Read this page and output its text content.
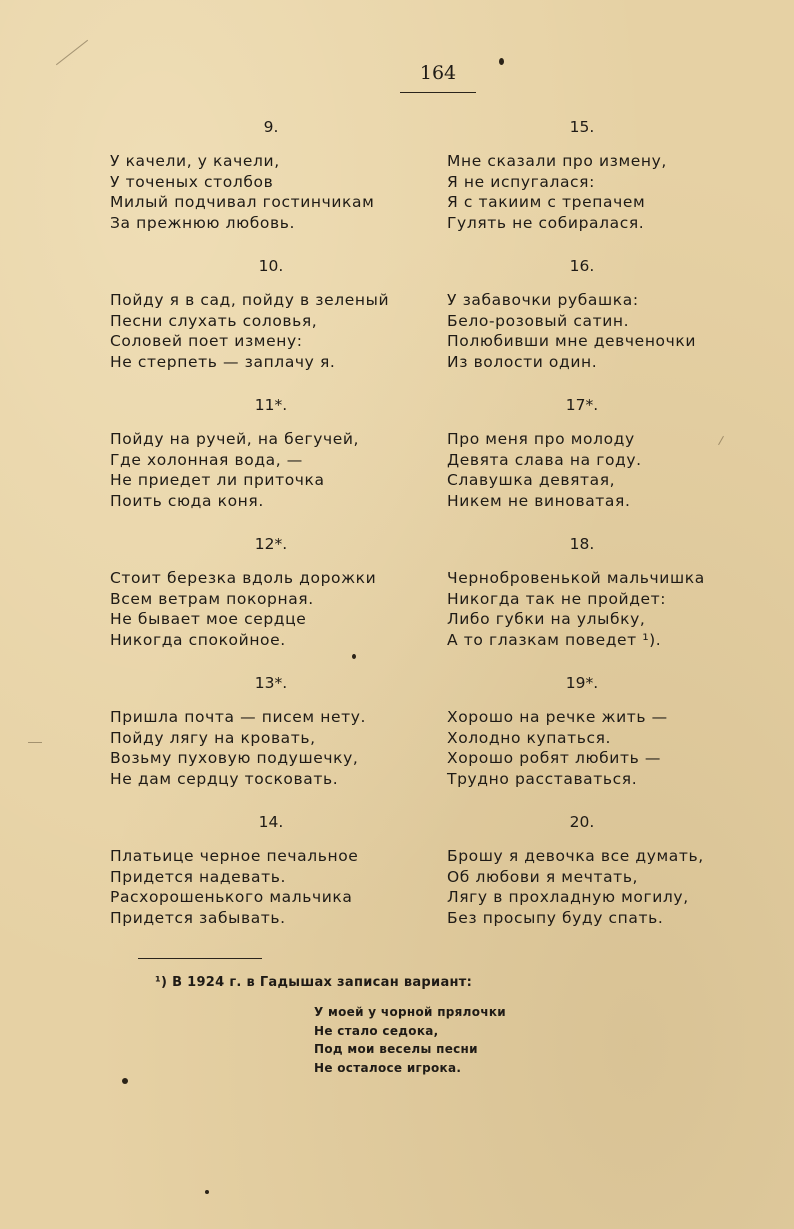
164
9.
У качели, у качели,
У точеных столбов
Милый подчивал гостинчикам
За прежнюю любовь.
10.
Пойду я в сад, пойду в зеленый
Песни слухать соловья,
Соловей поет измену:
Не стерпеть — заплачу я.
11*.
Пойду на ручей, на бегучей,
Где холонная вода, —
Не приедет ли приточка
Поить сюда коня.
12*.
Стоит березка вдоль дорожки
Всем ветрам покорная.
Не бывает мое сердце
Никогда спокойное.
13*.
Пришла почта — писем нету.
Пойду лягу на кровать,
Возьму пуховую подушечку,
Не дам сердцу тосковать.
14.
Платьице черное печальное
Придется надевать.
Расхорошенького мальчика
Придется забывать.
15.
Мне сказали про измену,
Я не испугалася:
Я с такиим с трепачем
Гулять не собиралася.
16.
У забавочки рубашка:
Бело-розовый сатин.
Полюбивши мне девченочки
Из волости один.
17*.
Про меня про молоду
Девята слава на году.
Славушка девятая,
Никем не виноватая.
18.
Чернобровенькой мальчишка
Никогда так не пройдет:
Либо губки на улыбку,
А то глазкам поведет ¹).
19*.
Хорошо на речке жить —
Холодно купаться.
Хорошо робят любить —
Трудно расставаться.
20.
Брошу я девочка все думать,
Об любови я мечтать,
Лягу в прохладную могилу,
Без просыпу буду спать.
¹) В 1924 г. в Гадышах записан вариант:
У моей у чорной прялочки
Не стало седока,
Под мои веселы песни
Не осталосе игрока.
